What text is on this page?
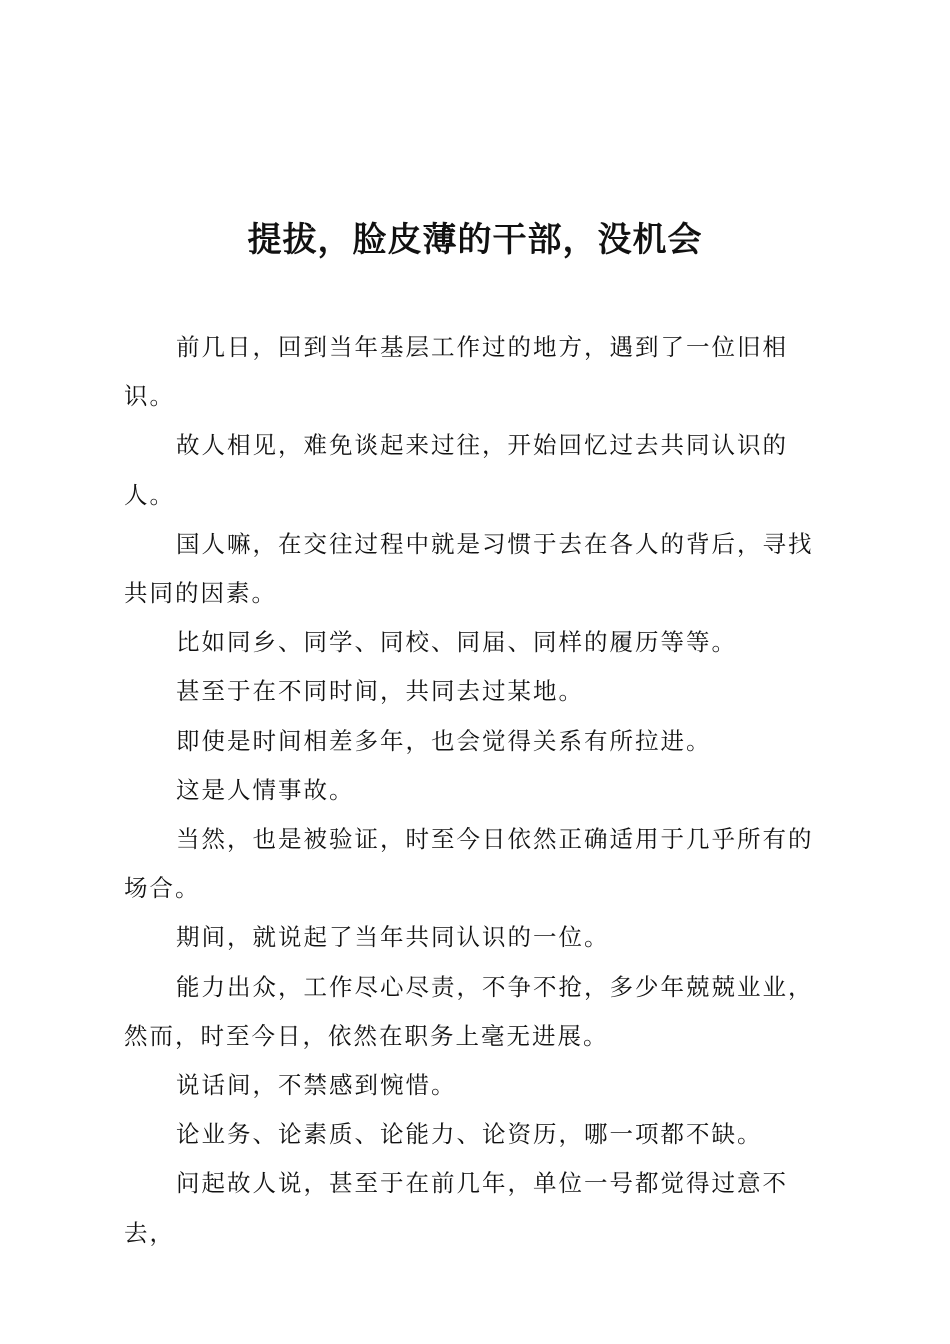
提拔，脸皮薄的干部，没机会

前几日，回到当年基层工作过的地方，遇到了一位旧相识。

故人相见，难免谈起来过往，开始回忆过去共同认识的人。

国人嘛，在交往过程中就是习惯于去在各人的背后，寻找共同的因素。

比如同乡、同学、同校、同届、同样的履历等等。

甚至于在不同时间，共同去过某地。

即使是时间相差多年，也会觉得关系有所拉进。

这是人情事故。

当然，也是被验证，时至今日依然正确适用于几乎所有的场合。

期间，就说起了当年共同认识的一位。

能力出众，工作尽心尽责，不争不抢，多少年兢兢业业，然而，时至今日，依然在职务上毫无进展。

说话间，不禁感到惋惜。

论业务、论素质、论能力、论资历，哪一项都不缺。

问起故人说，甚至于在前几年，单位一号都觉得过意不去，
